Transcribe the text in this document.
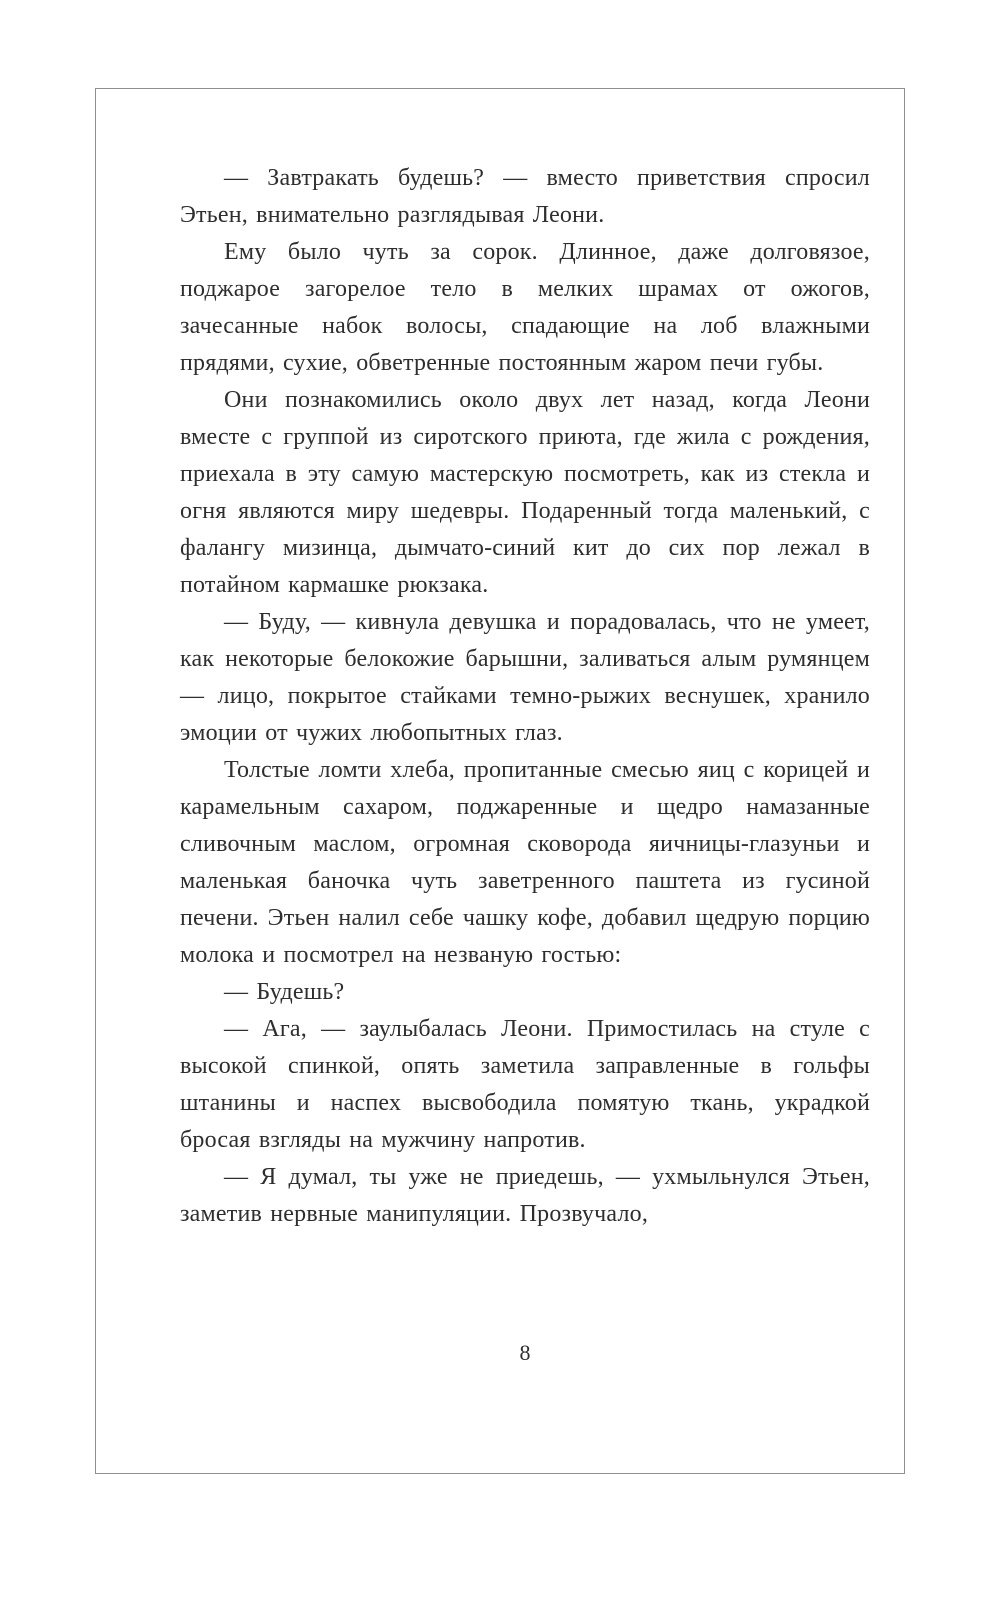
— Завтракать будешь? — вместо приветствия спросил Этьен, внимательно разглядывая Леони.

Ему было чуть за сорок. Длинное, даже долговязое, поджарое загорелое тело в мелких шрамах от ожогов, зачесанные набок волосы, спадающие на лоб влажными прядями, сухие, обветренные постоянным жаром печи губы.

Они познакомились около двух лет назад, когда Леони вместе с группой из сиротского приюта, где жила с рождения, приехала в эту самую мастерскую посмотреть, как из стекла и огня являются миру шедевры. Подаренный тогда маленький, с фалангу мизинца, дымчато-синий кит до сих пор лежал в потайном кармашке рюкзака.

— Буду, — кивнула девушка и порадовалась, что не умеет, как некоторые белокожие барышни, заливаться алым румянцем — лицо, покрытое стайками темно-рыжих веснушек, хранило эмоции от чужих любопытных глаз.

Толстые ломти хлеба, пропитанные смесью яиц с корицей и карамельным сахаром, поджаренные и щедро намазанные сливочным маслом, огромная сковорода яичницы-глазуньи и маленькая баночка чуть заветренного паштета из гусиной печени. Этьен налил себе чашку кофе, добавил щедрую порцию молока и посмотрел на незваную гостью:

— Будешь?

— Ага, — заулыбалась Леони. Примостилась на стуле с высокой спинкой, опять заметила заправленные в гольфы штанины и наспех высвободила помятую ткань, украдкой бросая взгляды на мужчину напротив.

— Я думал, ты уже не приедешь, — ухмыльнулся Этьен, заметив нервные манипуляции. Прозвучало,

8
